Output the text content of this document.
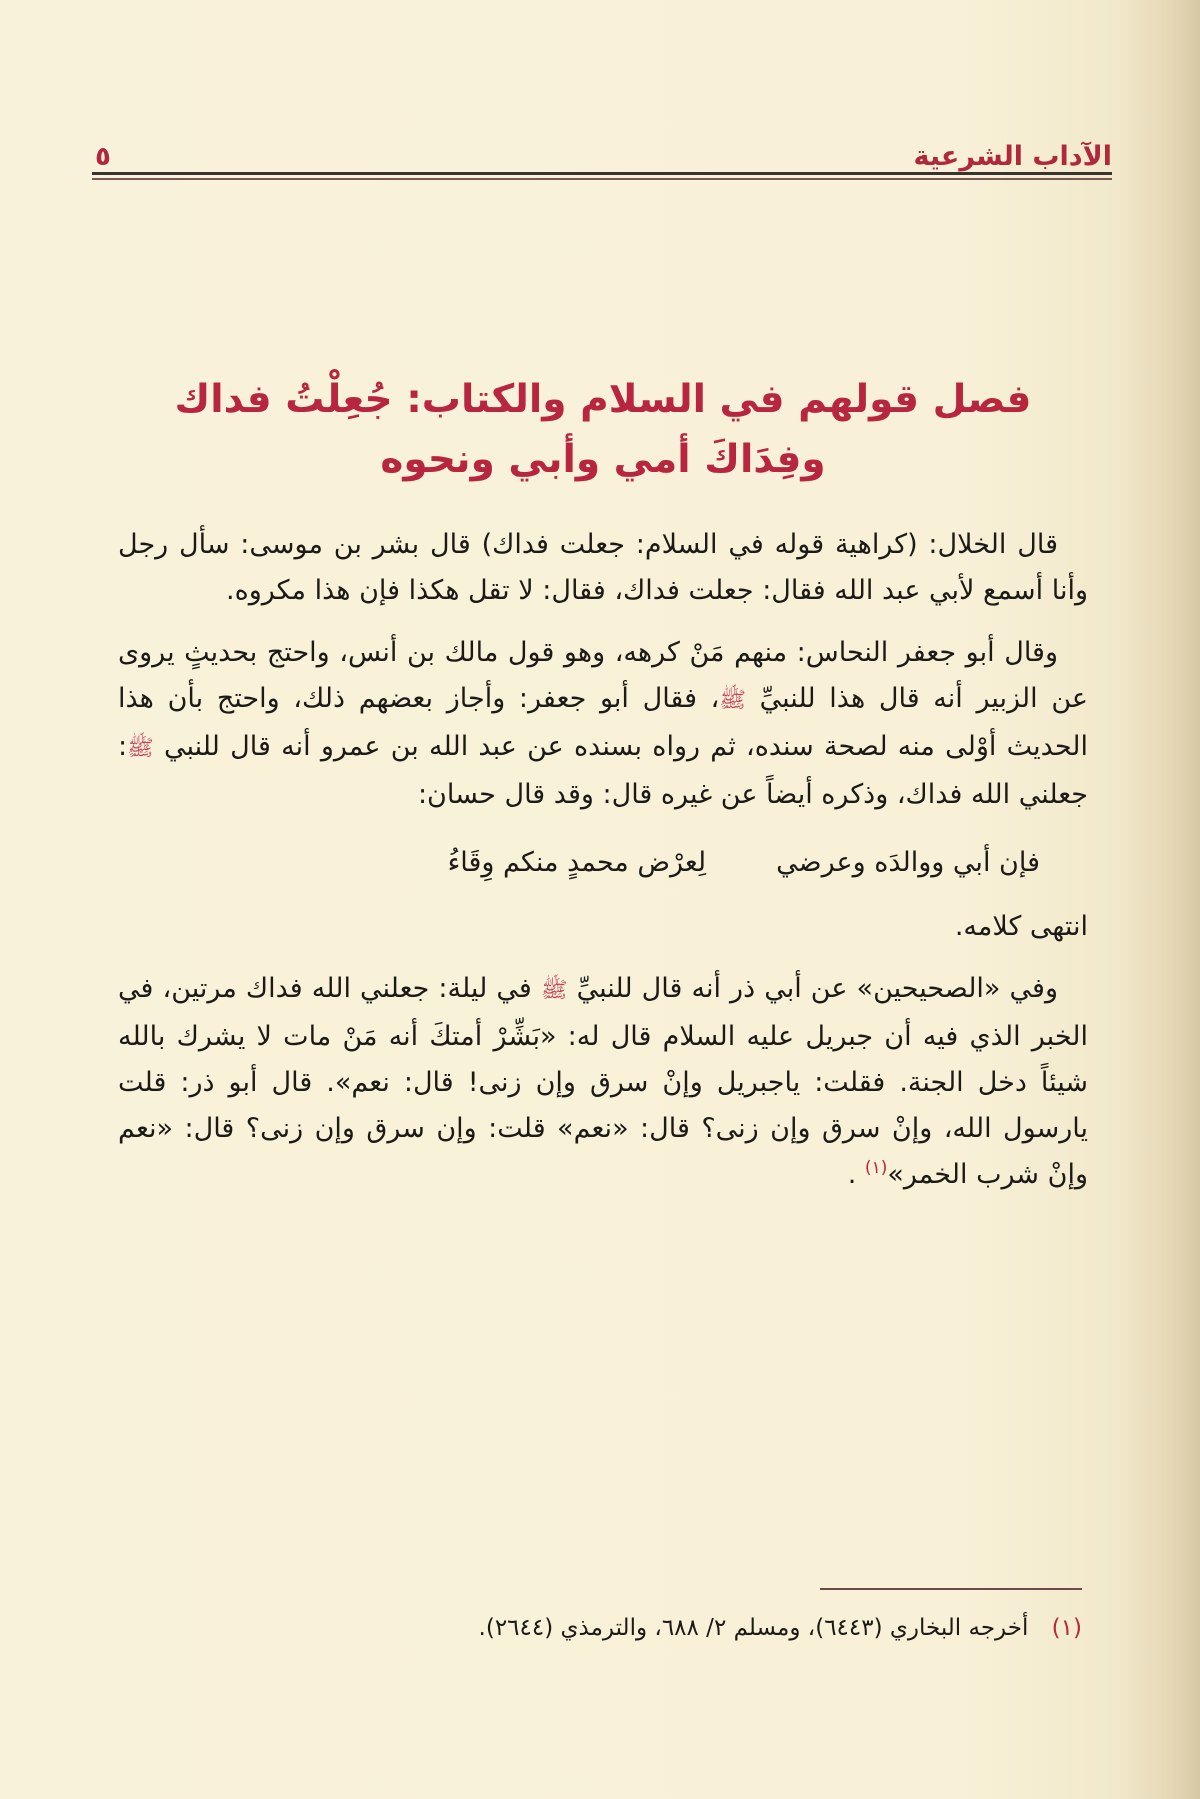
الآداب الشرعية
٥
فصل قولهم في السلام والكتاب: جُعِلْتُ فداك
وفِدَاكَ أمي وأبي ونحوه

قال الخلال: (كراهية قوله في السلام: جعلت فداك) قال بشر بن موسى: سأل رجل وأنا أسمع لأبي عبد الله فقال: جعلت فداك، فقال: لا تقل هكذا فإن هذا مكروه.

وقال أبو جعفر النحاس: منهم مَنْ كرهه، وهو قول مالك بن أنس، واحتج بحديثٍ يروى عن الزبير أنه قال هذا للنبيِّ ﷺ، فقال أبو جعفر: وأجاز بعضهم ذلك، واحتج بأن هذا الحديث أوْلى منه لصحة سنده، ثم رواه بسنده عن عبد الله بن عمرو أنه قال للنبي ﷺ: جعلني الله فداك، وذكره أيضاً عن غيره قال: وقد قال حسان:

فإن أبي ووالدَه وعرضي
لِعرْض محمدٍ منكم وِقَاءُ

انتهى كلامه.

وفي «الصحيحين» عن أبي ذر أنه قال للنبيِّ ﷺ في ليلة: جعلني الله فداك مرتين، في الخبر الذي فيه أن جبريل عليه السلام قال له: «بَشِّرْ أمتكَ أنه مَنْ مات لا يشرك بالله شيئاً دخل الجنة. فقلت: ياجبريل وإنْ سرق وإن زنى! قال: نعم». قال أبو ذر: قلت يارسول الله، وإنْ سرق وإن زنى؟ قال: «نعم» قلت: وإن سرق وإن زنى؟ قال: «نعم وإنْ شرب الخمر»$^{(١)}$ .

(١) أخرجه البخاري (٦٤٤٣)، ومسلم ٢/ ٦٨٨، والترمذي (٢٦٤٤).
